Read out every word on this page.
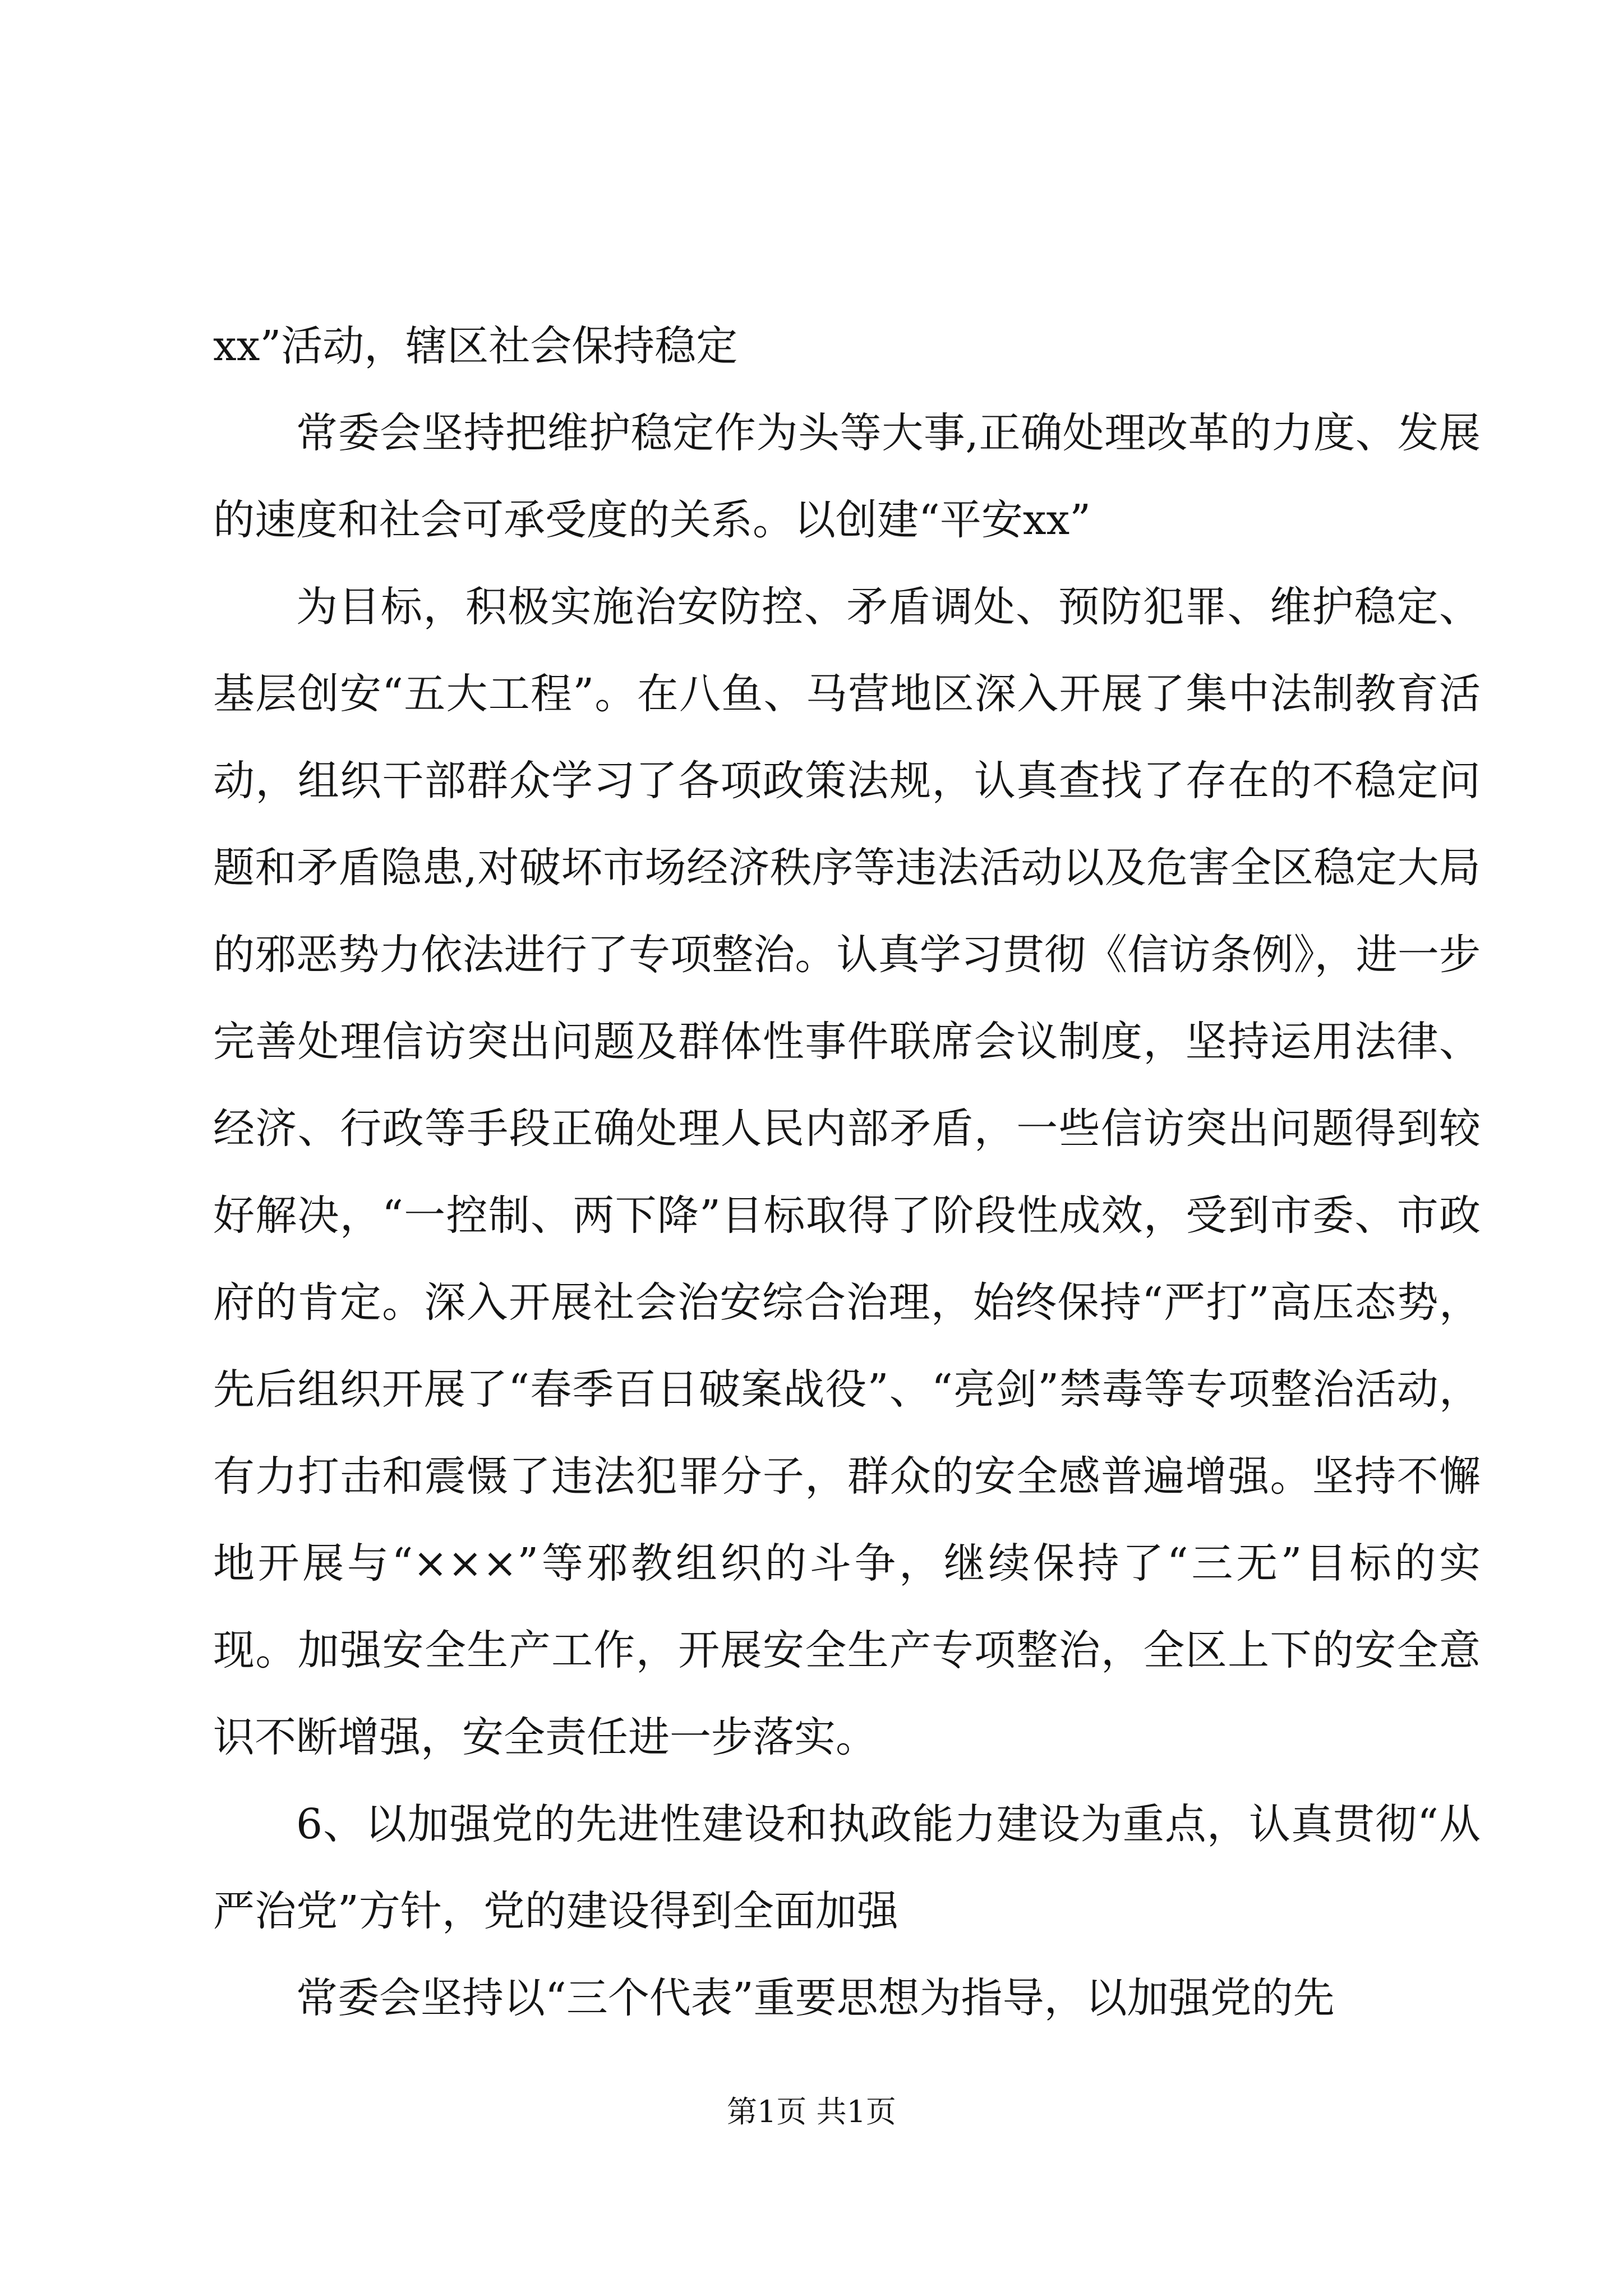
xx”活动，辖区社会保持稳定

常委会坚持把维护稳定作为头等大事,正确处理改革的力度、发展的速度和社会可承受度的关系。以创建“平安xx”

为目标，积极实施治安防控、矛盾调处、预防犯罪、维护稳定、基层创安“五大工程”。在八鱼、马营地区深入开展了集中法制教育活动，组织干部群众学习了各项政策法规，认真查找了存在的不稳定问题和矛盾隐患,对破坏市场经济秩序等违法活动以及危害全区稳定大局的邪恶势力依法进行了专项整治。认真学习贯彻《信访条例》，进一步完善处理信访突出问题及群体性事件联席会议制度，坚持运用法律、经济、行政等手段正确处理人民内部矛盾，一些信访突出问题得到较好解决，“一控制、两下降”目标取得了阶段性成效，受到市委、市政府的肯定。深入开展社会治安综合治理，始终保持“严打”高压态势，先后组织开展了“春季百日破案战役”、“亮剑”禁毒等专项整治活动，有力打击和震慑了违法犯罪分子，群众的安全感普遍增强。坚持不懈地开展与“×××”等邪教组织的斗争，继续保持了“三无”目标的实现。加强安全生产工作，开展安全生产专项整治，全区上下的安全意识不断增强，安全责任进一步落实。

6、以加强党的先进性建设和执政能力建设为重点，认真贯彻“从严治党”方针，党的建设得到全面加强

常委会坚持以“三个代表”重要思想为指导，以加强党的先

第1页 共1页
